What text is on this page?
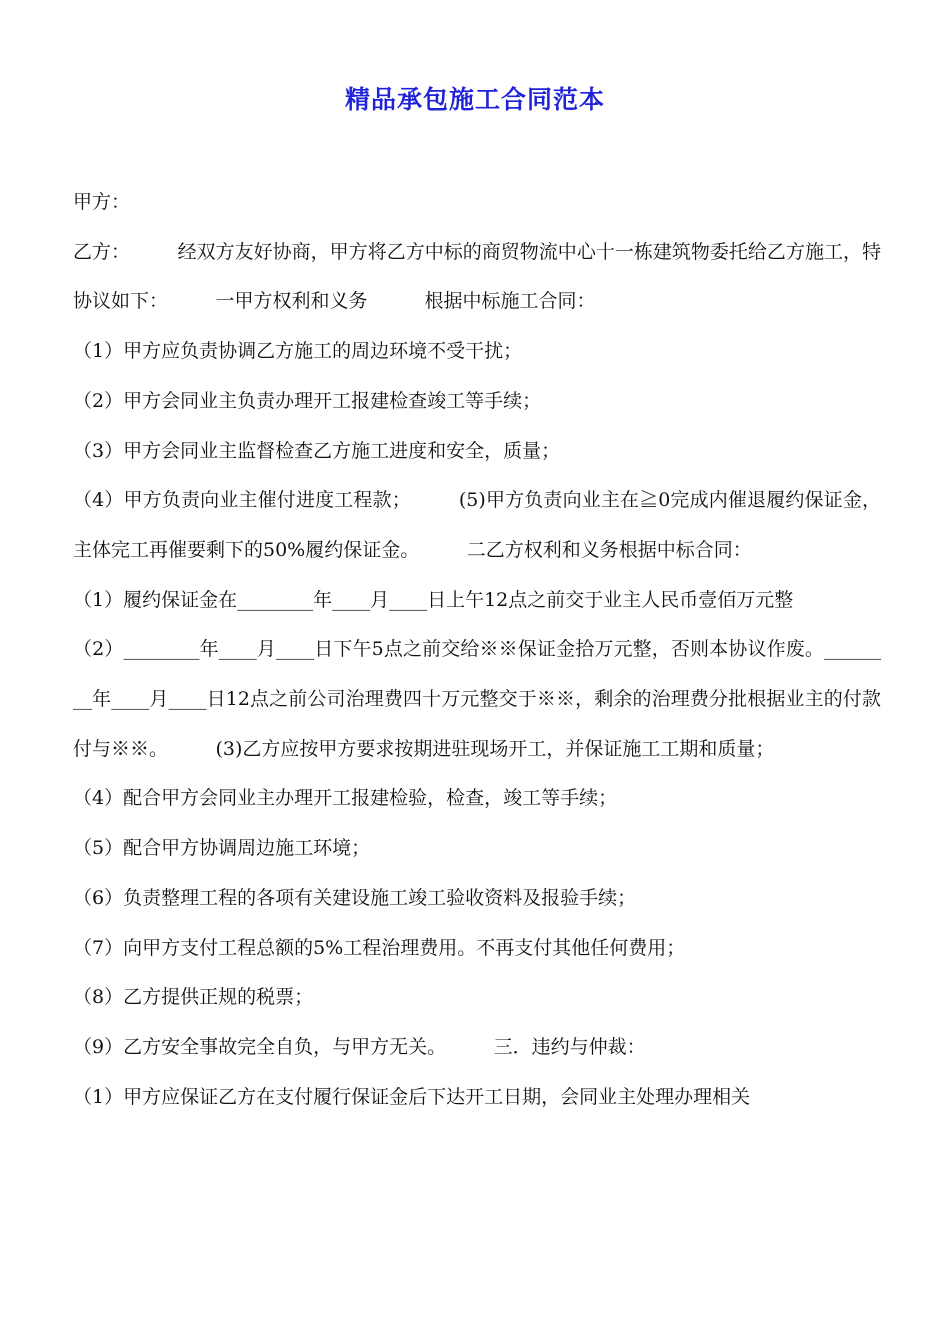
精品承包施工合同范本

甲方：

乙方：　　　经双方友好协商，甲方将乙方中标的商贸物流中心十一栋建筑物委托给乙方施工，特协议如下：　　　一甲方权利和义务　　　根据中标施工合同：

（1）甲方应负责协调乙方施工的周边环境不受干扰；

（2）甲方会同业主负责办理开工报建检查竣工等手续；

（3）甲方会同业主监督检查乙方施工进度和安全，质量；

（4）甲方负责向业主催付进度工程款；　　　(5)甲方负责向业主在≧0完成内催退履约保证金，主体完工再催要剩下的50%履约保证金。　　　二乙方权利和义务根据中标合同：

（1）履约保证金在________年____月____日上午12点之前交于业主人民币壹佰万元整

（2）________年____月____日下午5点之前交给※※保证金拾万元整，否则本协议作废。________年____月____日12点之前公司治理费四十万元整交于※※，剩余的治理费分批根据业主的付款付与※※。　　　(3)乙方应按甲方要求按期进驻现场开工，并保证施工工期和质量；

（4）配合甲方会同业主办理开工报建检验，检查，竣工等手续；

（5）配合甲方协调周边施工环境；

（6）负责整理工程的各项有关建设施工竣工验收资料及报验手续；

（7）向甲方支付工程总额的5%工程治理费用。不再支付其他任何费用；

（8）乙方提供正规的税票；

（9）乙方安全事故完全自负，与甲方无关。　　　三．违约与仲裁：

（1）甲方应保证乙方在支付履行保证金后下达开工日期，会同业主处理办理相关
